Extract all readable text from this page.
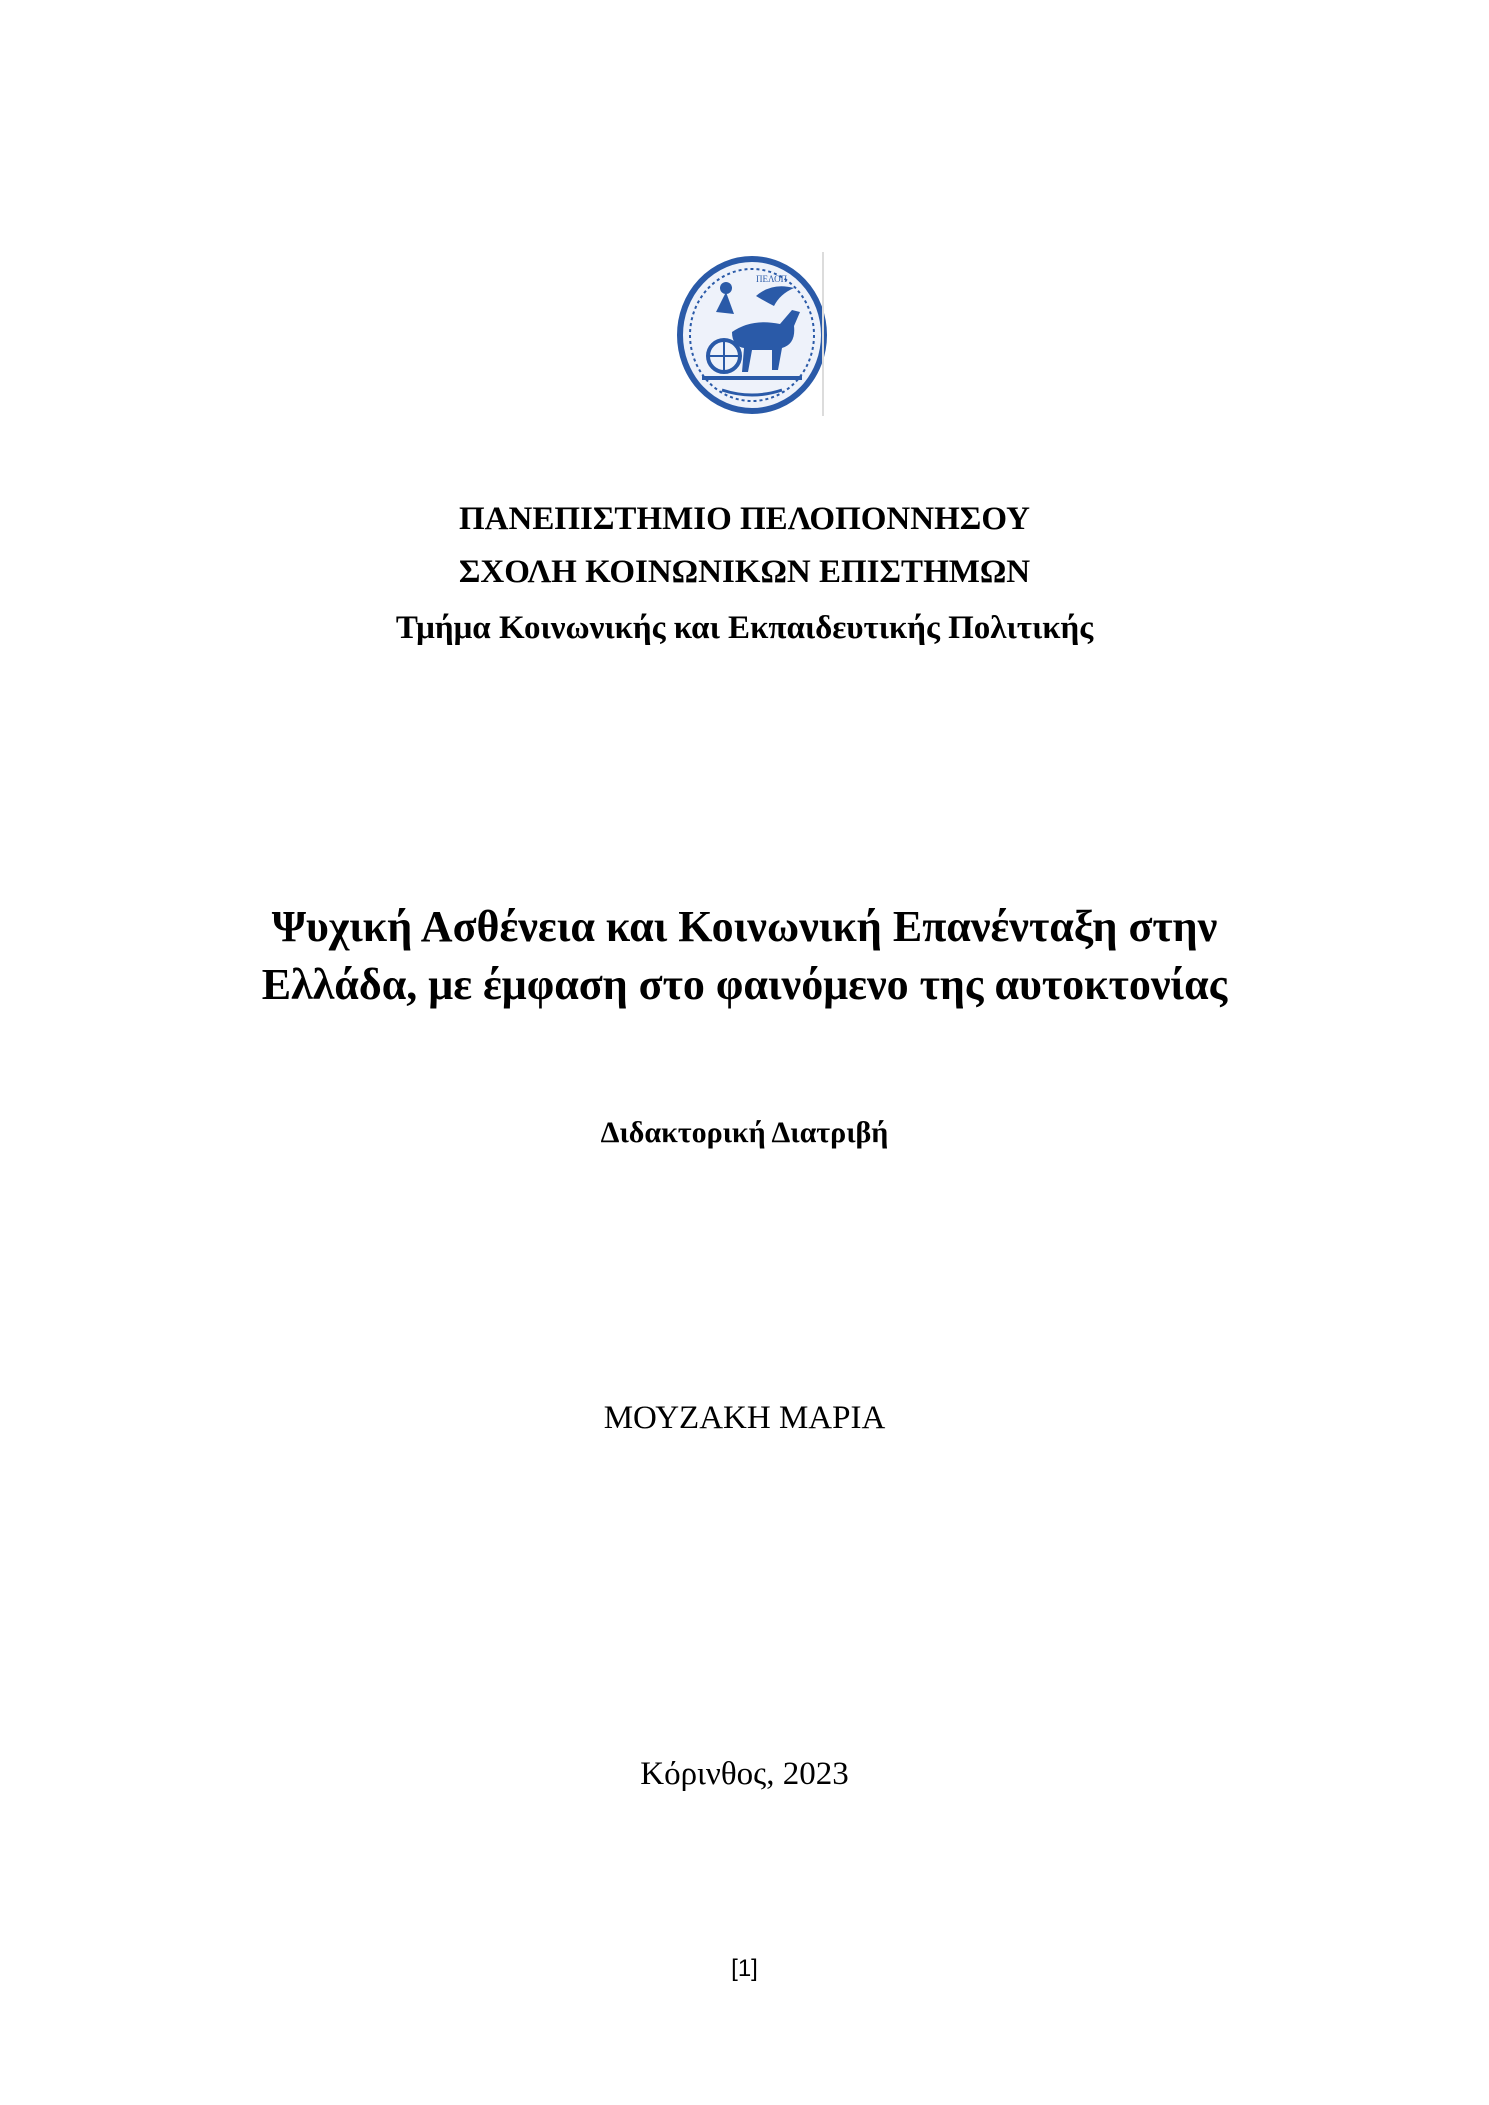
ΠΕΛΟΠ
ΠΑΝΕΠΙΣΤΗΜΙΟ ΠΕΛΟΠΟΝΝΗΣΟΥ
ΣΧΟΛΗ ΚΟΙΝΩΝΙΚΩΝ ΕΠΙΣΤΗΜΩΝ
Τμήμα Κοινωνικής και Εκπαιδευτικής Πολιτικής
Ψυχική Ασθένεια και Κοινωνική Επανένταξη στην
Ελλάδα, με έμφαση στο φαινόμενο της αυτοκτονίας
Διδακτορική Διατριβή
ΜΟΥΖΑΚΗ ΜΑΡΙΑ
Κόρινθος, 2023
[1]
